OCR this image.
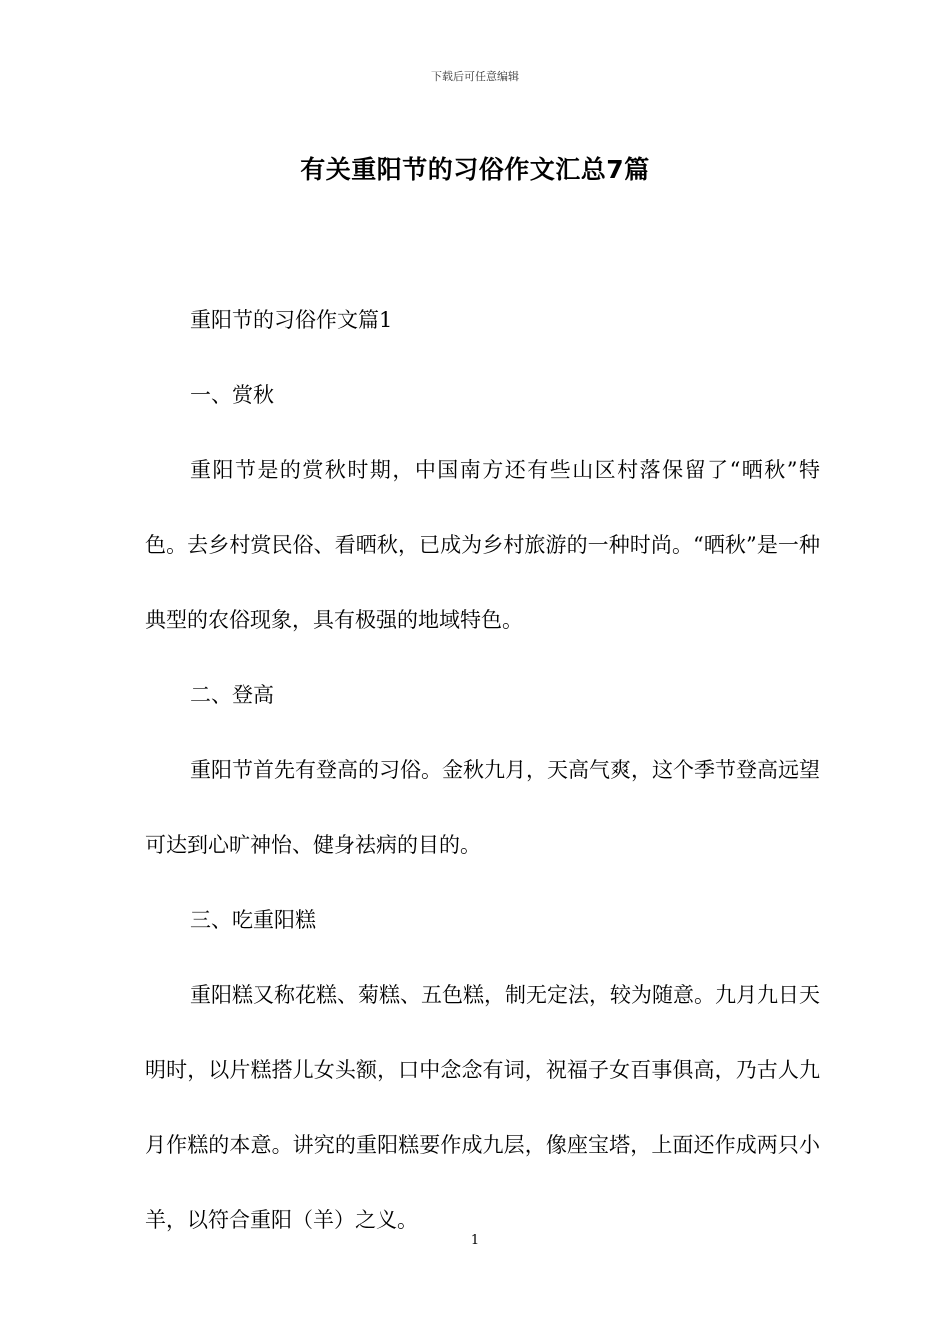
下载后可任意编辑
有关重阳节的习俗作文汇总7篇

重阳节的习俗作文篇1

一、赏秋

重阳节是的赏秋时期，中国南方还有些山区村落保留了“晒秋”特色。去乡村赏民俗、看晒秋，已成为乡村旅游的一种时尚。“晒秋”是一种典型的农俗现象，具有极强的地域特色。

二、登高

重阳节首先有登高的习俗。金秋九月，天高气爽，这个季节登高远望可达到心旷神怡、健身祛病的目的。

三、吃重阳糕

重阳糕又称花糕、菊糕、五色糕，制无定法，较为随意。九月九日天明时，以片糕搭儿女头额，口中念念有词，祝福子女百事俱高，乃古人九月作糕的本意。讲究的重阳糕要作成九层，像座宝塔，上面还作成两只小羊，以符合重阳（羊）之义。

1
